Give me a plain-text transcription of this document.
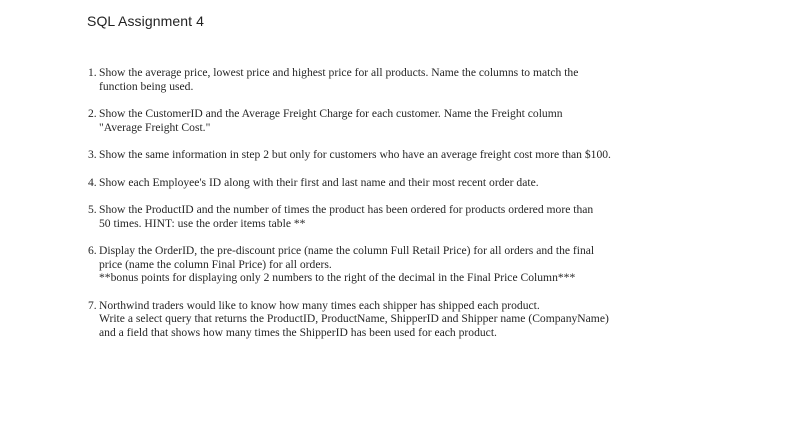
SQL Assignment 4
1. Show the average price, lowest price and highest price for all products. Name the columns to match the
function being used.
2. Show the CustomerID and the Average Freight Charge for each customer. Name the Freight column
"Average Freight Cost."
3. Show the same information in step 2 but only for customers who have an average freight cost more than $100.
4. Show each Employee's ID along with their first and last name and their most recent order date.
5. Show the ProductID and the number of times the product has been ordered for products ordered more than
50 times. HINT: use the order items table **
6. Display the OrderID, the pre-discount price (name the column Full Retail Price) for all orders and the final
price (name the column Final Price) for all orders.
**bonus points for displaying only 2 numbers to the right of the decimal in the Final Price Column***
7. Northwind traders would like to know how many times each shipper has shipped each product.
Write a select query that returns the ProductID, ProductName, ShipperID and Shipper name (CompanyName)
and a field that shows how many times the ShipperID has been used for each product.
